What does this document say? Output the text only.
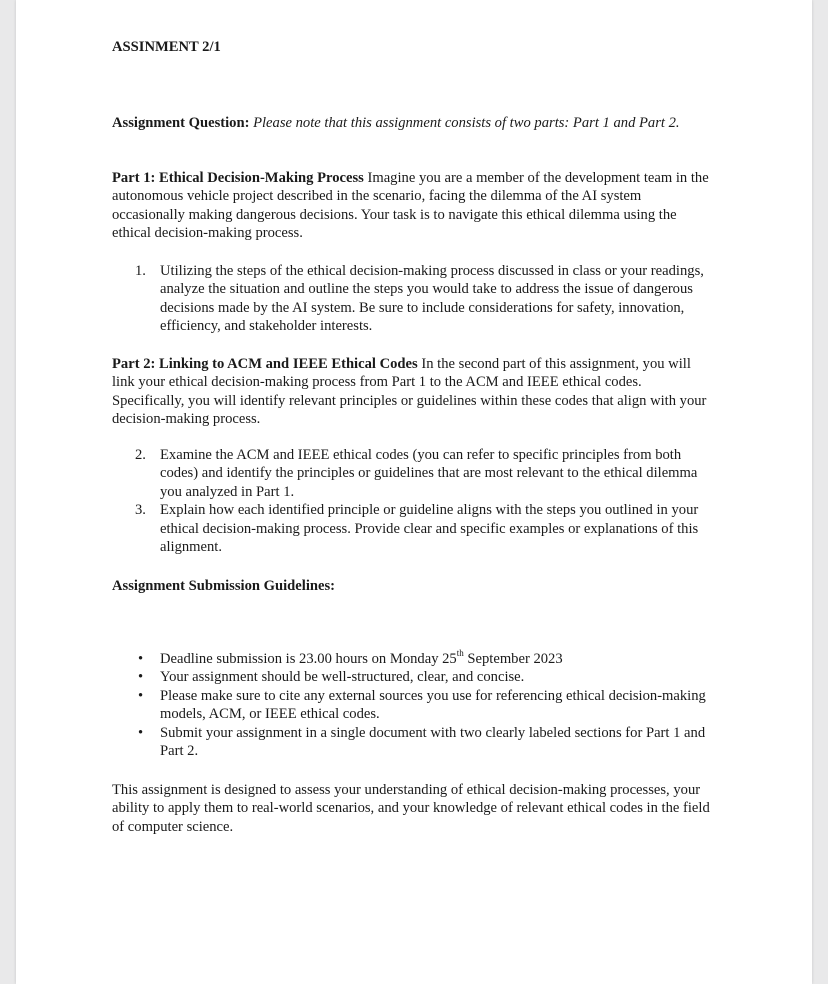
ASSINMENT 2/1

Assignment Question: Please note that this assignment consists of two parts: Part 1 and Part 2.

Part 1: Ethical Decision-Making Process Imagine you are a member of the development team in the autonomous vehicle project described in the scenario, facing the dilemma of the AI system occasionally making dangerous decisions. Your task is to navigate this ethical dilemma using the ethical decision-making process.

1. Utilizing the steps of the ethical decision-making process discussed in class or your readings, analyze the situation and outline the steps you would take to address the issue of dangerous decisions made by the AI system. Be sure to include considerations for safety, innovation, efficiency, and stakeholder interests.

Part 2: Linking to ACM and IEEE Ethical Codes In the second part of this assignment, you will link your ethical decision-making process from Part 1 to the ACM and IEEE ethical codes. Specifically, you will identify relevant principles or guidelines within these codes that align with your decision-making process.

2. Examine the ACM and IEEE ethical codes (you can refer to specific principles from both codes) and identify the principles or guidelines that are most relevant to the ethical dilemma you analyzed in Part 1.
3. Explain how each identified principle or guideline aligns with the steps you outlined in your ethical decision-making process. Provide clear and specific examples or explanations of this alignment.

Assignment Submission Guidelines:

• Deadline submission is 23.00 hours on Monday 25th September 2023
• Your assignment should be well-structured, clear, and concise.
• Please make sure to cite any external sources you use for referencing ethical decision-making models, ACM, or IEEE ethical codes.
• Submit your assignment in a single document with two clearly labeled sections for Part 1 and Part 2.

This assignment is designed to assess your understanding of ethical decision-making processes, your ability to apply them to real-world scenarios, and your knowledge of relevant ethical codes in the field of computer science.
